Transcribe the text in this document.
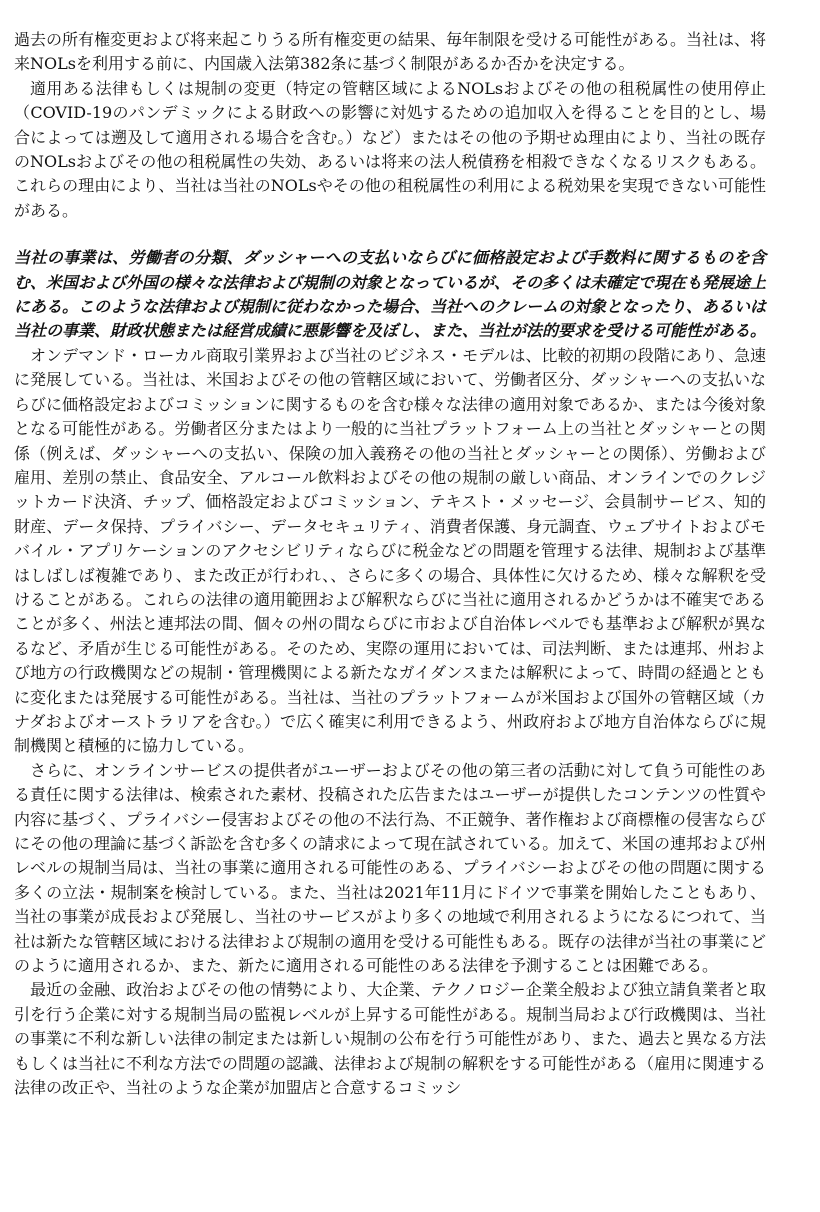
過去の所有権変更および将来起こりうる所有権変更の結果、毎年制限を受ける可能性がある。当社は、将来NOLsを利用する前に、内国歳入法第382条に基づく制限があるか否かを決定する。

適用ある法律もしくは規制の変更（特定の管轄区域によるNOLsおよびその他の租税属性の使用停止（COVID-19のパンデミックによる財政への影響に対処するための追加収入を得ることを目的とし、場合によっては遡及して適用される場合を含む。）など）またはその他の予期せぬ理由により、当社の既存のNOLsおよびその他の租税属性の失効、あるいは将来の法人税債務を相殺できなくなるリスクもある。これらの理由により、当社は当社のNOLsやその他の租税属性の利用による税効果を実現できない可能性がある。

当社の事業は、労働者の分類、ダッシャーへの支払いならびに価格設定および手数料に関するものを含む、米国および外国の様々な法律および規制の対象となっているが、その多くは未確定で現在も発展途上にある。このような法律および規制に従わなかった場合、当社へのクレームの対象となったり、あるいは当社の事業、財政状態または経営成績に悪影響を及ぼし、また、当社が法的要求を受ける可能性がある。

オンデマンド・ローカル商取引業界および当社のビジネス・モデルは、比較的初期の段階にあり、急速に発展している。当社は、米国およびその他の管轄区域において、労働者区分、ダッシャーへの支払いならびに価格設定およびコミッションに関するものを含む様々な法律の適用対象であるか、または今後対象となる可能性がある。労働者区分またはより一般的に当社プラットフォーム上の当社とダッシャーとの関係（例えば、ダッシャーへの支払い、保険の加入義務その他の当社とダッシャーとの関係）、労働および雇用、差別の禁止、食品安全、アルコール飲料およびその他の規制の厳しい商品、オンラインでのクレジットカード決済、チップ、価格設定およびコミッション、テキスト・メッセージ、会員制サービス、知的財産、データ保持、プライバシー、データセキュリティ、消費者保護、身元調査、ウェブサイトおよびモバイル・アプリケーションのアクセシビリティならびに税金などの問題を管理する法律、規制および基準はしばしば複雑であり、また改正が行われ、、さらに多くの場合、具体性に欠けるため、様々な解釈を受けることがある。これらの法律の適用範囲および解釈ならびに当社に適用されるかどうかは不確実であることが多く、州法と連邦法の間、個々の州の間ならびに市および自治体レベルでも基準および解釈が異なるなど、矛盾が生じる可能性がある。そのため、実際の運用においては、司法判断、または連邦、州および地方の行政機関などの規制・管理機関による新たなガイダンスまたは解釈によって、時間の経過とともに変化または発展する可能性がある。当社は、当社のプラットフォームが米国および国外の管轄区域（カナダおよびオーストラリアを含む。）で広く確実に利用できるよう、州政府および地方自治体ならびに規制機関と積極的に協力している。

さらに、オンラインサービスの提供者がユーザーおよびその他の第三者の活動に対して負う可能性のある責任に関する法律は、検索された素材、投稿された広告またはユーザーが提供したコンテンツの性質や内容に基づく、プライバシー侵害およびその他の不法行為、不正競争、著作権および商標権の侵害ならびにその他の理論に基づく訴訟を含む多くの請求によって現在試されている。加えて、米国の連邦および州レベルの規制当局は、当社の事業に適用される可能性のある、プライバシーおよびその他の問題に関する多くの立法・規制案を検討している。また、当社は2021年11月にドイツで事業を開始したこともあり、当社の事業が成長および発展し、当社のサービスがより多くの地域で利用されるようになるにつれて、当社は新たな管轄区域における法律および規制の適用を受ける可能性もある。既存の法律が当社の事業にどのように適用されるか、また、新たに適用される可能性のある法律を予測することは困難である。

最近の金融、政治およびその他の情勢により、大企業、テクノロジー企業全般および独立請負業者と取引を行う企業に対する規制当局の監視レベルが上昇する可能性がある。規制当局および行政機関は、当社の事業に不利な新しい法律の制定または新しい規制の公布を行う可能性があり、また、過去と異なる方法もしくは当社に不利な方法での問題の認識、法律および規制の解釈をする可能性がある（雇用に関連する法律の改正や、当社のような企業が加盟店と合意するコミッシ
